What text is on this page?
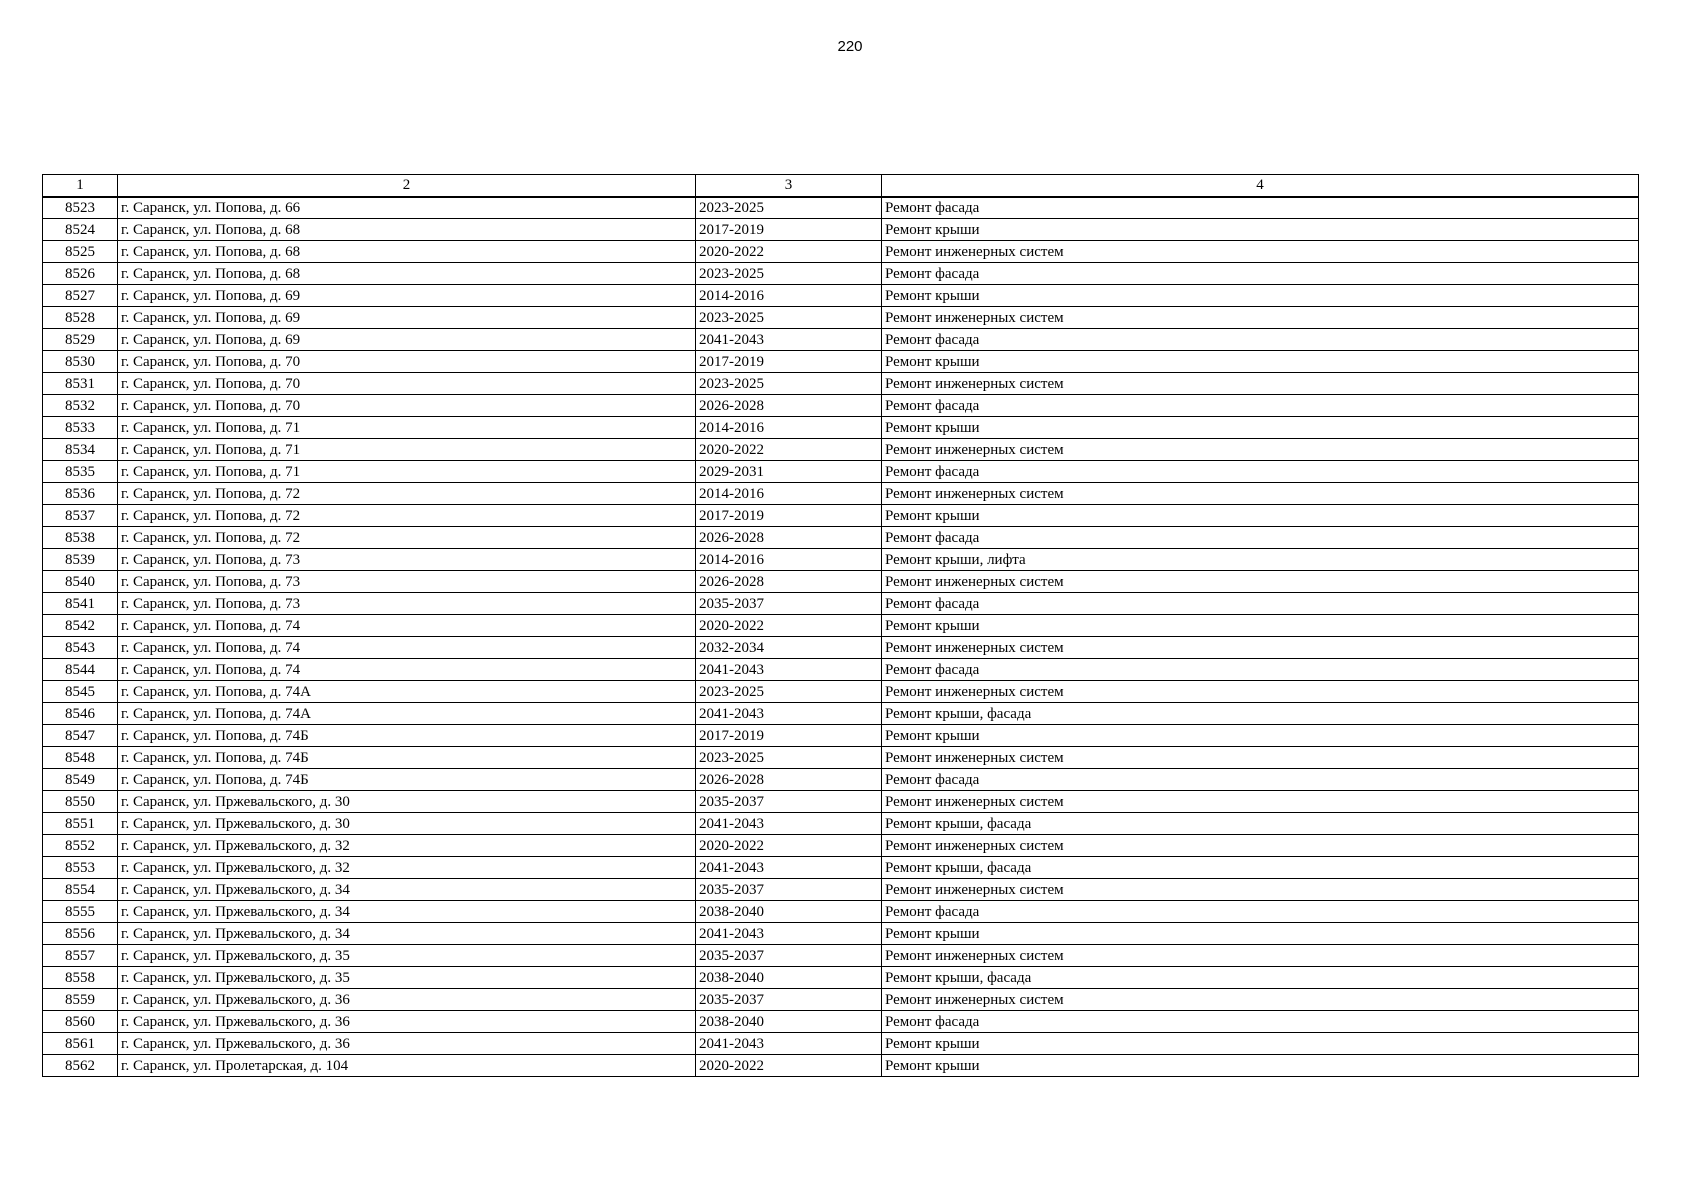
220
1	2	3	4
8523	г. Саранск, ул. Попова, д. 66	2023-2025	Ремонт фасада
8524	г. Саранск, ул. Попова, д. 68	2017-2019	Ремонт крыши
8525	г. Саранск, ул. Попова, д. 68	2020-2022	Ремонт инженерных систем
8526	г. Саранск, ул. Попова, д. 68	2023-2025	Ремонт фасада
8527	г. Саранск, ул. Попова, д. 69	2014-2016	Ремонт крыши
8528	г. Саранск, ул. Попова, д. 69	2023-2025	Ремонт инженерных систем
8529	г. Саранск, ул. Попова, д. 69	2041-2043	Ремонт фасада
8530	г. Саранск, ул. Попова, д. 70	2017-2019	Ремонт крыши
8531	г. Саранск, ул. Попова, д. 70	2023-2025	Ремонт инженерных систем
8532	г. Саранск, ул. Попова, д. 70	2026-2028	Ремонт фасада
8533	г. Саранск, ул. Попова, д. 71	2014-2016	Ремонт крыши
8534	г. Саранск, ул. Попова, д. 71	2020-2022	Ремонт инженерных систем
8535	г. Саранск, ул. Попова, д. 71	2029-2031	Ремонт фасада
8536	г. Саранск, ул. Попова, д. 72	2014-2016	Ремонт инженерных систем
8537	г. Саранск, ул. Попова, д. 72	2017-2019	Ремонт крыши
8538	г. Саранск, ул. Попова, д. 72	2026-2028	Ремонт фасада
8539	г. Саранск, ул. Попова, д. 73	2014-2016	Ремонт крыши, лифта
8540	г. Саранск, ул. Попова, д. 73	2026-2028	Ремонт инженерных систем
8541	г. Саранск, ул. Попова, д. 73	2035-2037	Ремонт фасада
8542	г. Саранск, ул. Попова, д. 74	2020-2022	Ремонт крыши
8543	г. Саранск, ул. Попова, д. 74	2032-2034	Ремонт инженерных систем
8544	г. Саранск, ул. Попова, д. 74	2041-2043	Ремонт фасада
8545	г. Саранск, ул. Попова, д. 74А	2023-2025	Ремонт инженерных систем
8546	г. Саранск, ул. Попова, д. 74А	2041-2043	Ремонт крыши, фасада
8547	г. Саранск, ул. Попова, д. 74Б	2017-2019	Ремонт крыши
8548	г. Саранск, ул. Попова, д. 74Б	2023-2025	Ремонт инженерных систем
8549	г. Саранск, ул. Попова, д. 74Б	2026-2028	Ремонт фасада
8550	г. Саранск, ул. Пржевальского, д. 30	2035-2037	Ремонт инженерных систем
8551	г. Саранск, ул. Пржевальского, д. 30	2041-2043	Ремонт крыши, фасада
8552	г. Саранск, ул. Пржевальского, д. 32	2020-2022	Ремонт инженерных систем
8553	г. Саранск, ул. Пржевальского, д. 32	2041-2043	Ремонт крыши, фасада
8554	г. Саранск, ул. Пржевальского, д. 34	2035-2037	Ремонт инженерных систем
8555	г. Саранск, ул. Пржевальского, д. 34	2038-2040	Ремонт фасада
8556	г. Саранск, ул. Пржевальского, д. 34	2041-2043	Ремонт крыши
8557	г. Саранск, ул. Пржевальского, д. 35	2035-2037	Ремонт инженерных систем
8558	г. Саранск, ул. Пржевальского, д. 35	2038-2040	Ремонт крыши, фасада
8559	г. Саранск, ул. Пржевальского, д. 36	2035-2037	Ремонт инженерных систем
8560	г. Саранск, ул. Пржевальского, д. 36	2038-2040	Ремонт фасада
8561	г. Саранск, ул. Пржевальского, д. 36	2041-2043	Ремонт крыши
8562	г. Саранск, ул. Пролетарская, д. 104	2020-2022	Ремонт крыши
